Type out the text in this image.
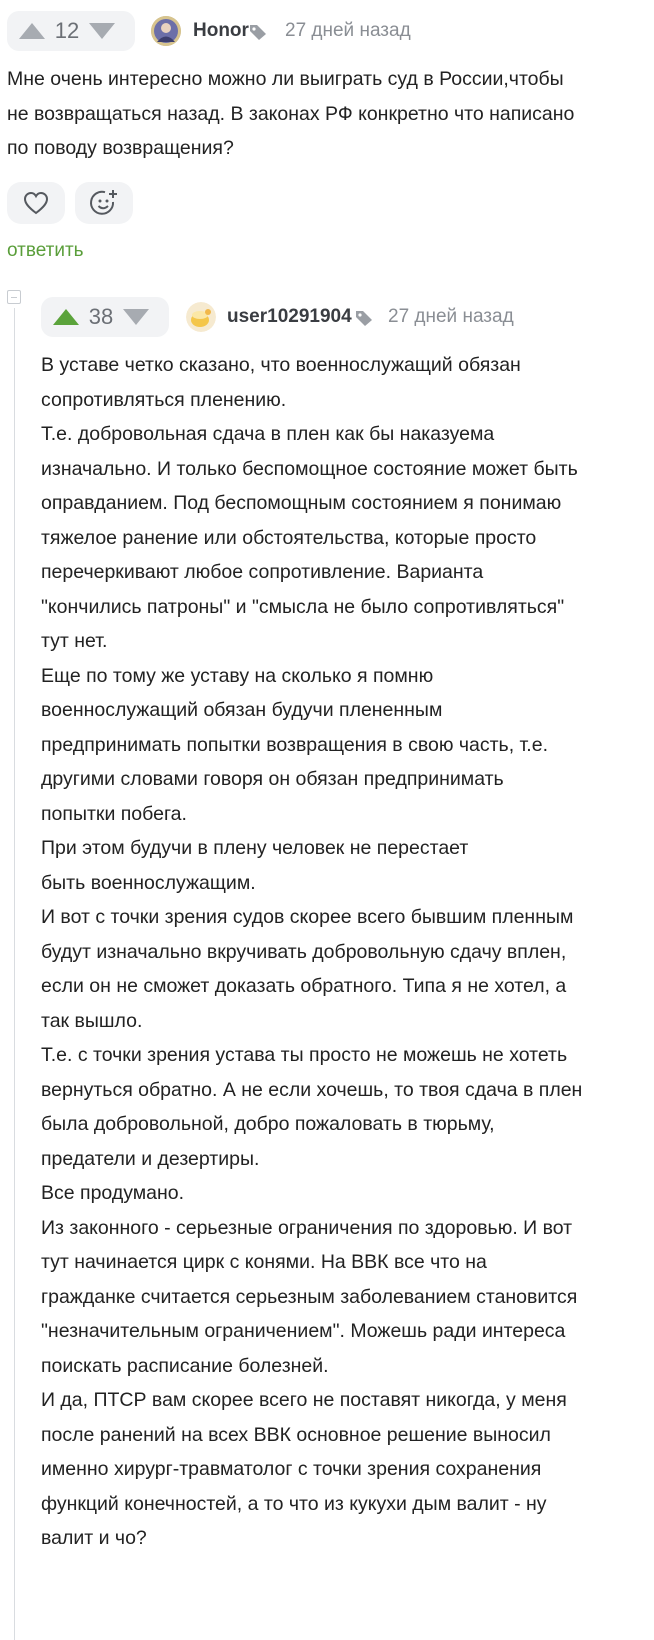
12	Honor 27 дней назад

Мне очень интересно можно ли выиграть суд в России,чтобы

не возвращаться назад. В законах РФ конкретно что написано

по поводу возвращения?

ответить
38	user10291904 27 дней назад

В уставе четко сказано, что военнослужащий обязан

сопротивляться пленению.

Т.е. добровольная сдача в плен как бы наказуема

изначально. И только беспомощное состояние может быть

оправданием. Под беспомощным состоянием я понимаю

тяжелое ранение или обстоятельства, которые просто

перечеркивают любое сопротивление. Варианта

"кончились патроны" и "смысла не было сопротивляться"

тут нет.

Еще по тому же уставу на сколько я помню

военнослужащий обязан будучи плененным

предпринимать попытки возвращения в свою часть, т.е.

другими словами говоря он обязан предпринимать

попытки побега.

При этом будучи в плену человек не перестает

быть военнослужащим.

И вот с точки зрения судов скорее всего бывшим пленным

будут изначально вкручивать добровольную сдачу вплен,

если он не сможет доказать обратного. Типа я не хотел, а

так вышло.

Т.е. с точки зрения устава ты просто не можешь не хотеть

вернуться обратно. А не если хочешь, то твоя сдача в плен

была добровольной, добро пожаловать в тюрьму,

предатели и дезертиры.

Все продумано.

Из законного - серьезные ограничения по здоровью. И вот

тут начинается цирк с конями. На ВВК все что на

гражданке считается серьезным заболеванием становится

"незначительным ограничением". Можешь ради интереса

поискать расписание болезней.

И да, ПТСР вам скорее всего не поставят никогда, у меня

после ранений на всех ВВК основное решение выносил

именно хирург-травматолог с точки зрения сохранения

функций конечностей, а то что из кукухи дым валит - ну

валит и чо?
